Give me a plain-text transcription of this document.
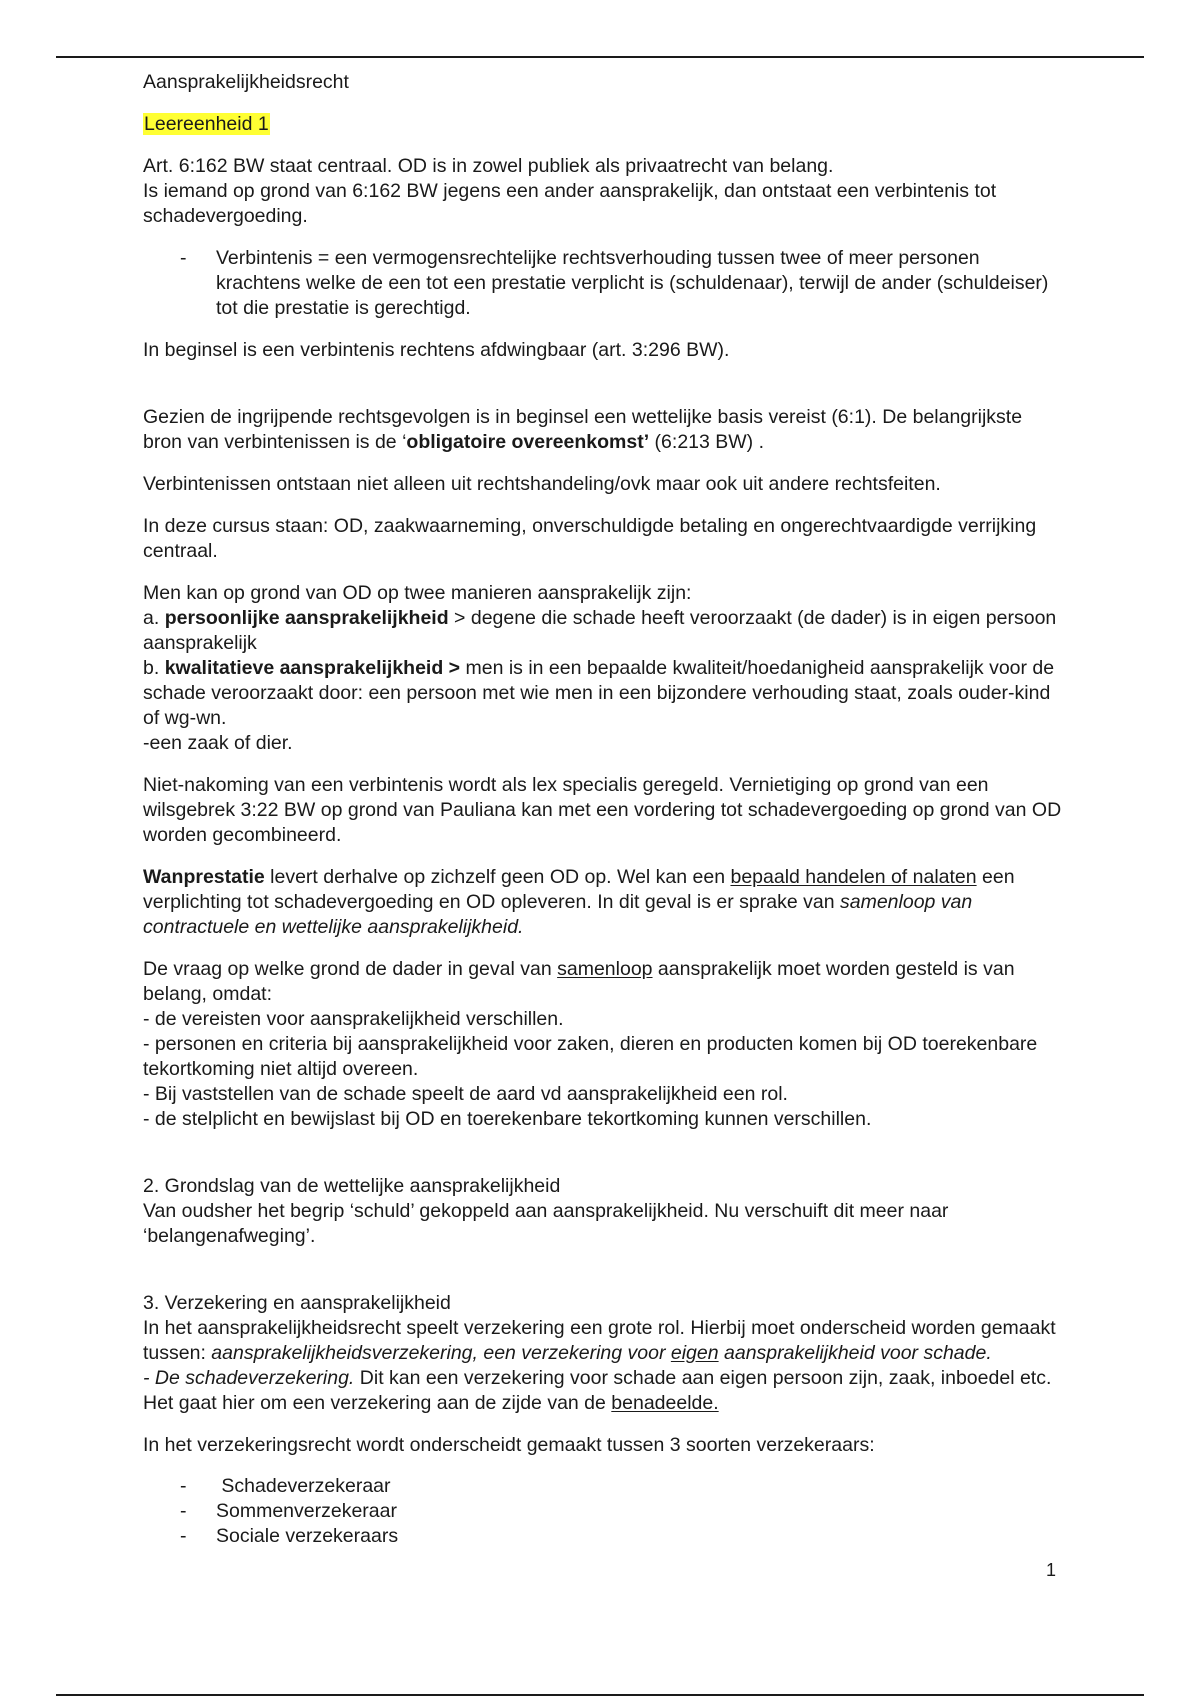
Aansprakelijkheidsrecht

Leereenheid 1

Art. 6:162 BW staat centraal. OD is in zowel publiek als privaatrecht van belang.
Is iemand op grond van 6:162 BW jegens een ander aansprakelijk, dan ontstaat een verbintenis tot schadevergoeding.

- Verbintenis = een vermogensrechtelijke rechtsverhouding tussen twee of meer personen krachtens welke de een tot een prestatie verplicht is (schuldenaar), terwijl de ander (schuldeiser) tot die prestatie is gerechtigd.

In beginsel is een verbintenis rechtens afdwingbaar (art. 3:296 BW).

Gezien de ingrijpende rechtsgevolgen is in beginsel een wettelijke basis vereist (6:1). De belangrijkste bron van verbintenissen is de ‘obligatoire overeenkomst’ (6:213 BW) .

Verbintenissen ontstaan niet alleen uit rechtshandeling/ovk maar ook uit andere rechtsfeiten.

In deze cursus staan: OD, zaakwaarneming, onverschuldigde betaling en ongerechtvaardigde verrijking centraal.

Men kan op grond van OD op twee manieren aansprakelijk zijn:
a. persoonlijke aansprakelijkheid > degene die schade heeft veroorzaakt (de dader) is in eigen persoon aansprakelijk
b. kwalitatieve aansprakelijkheid > men is in een bepaalde kwaliteit/hoedanigheid aansprakelijk voor de schade veroorzaakt door: een persoon met wie men in een bijzondere verhouding staat, zoals ouder-kind of wg-wn.
-een zaak of dier.

Niet-nakoming van een verbintenis wordt als lex specialis geregeld. Vernietiging op grond van een wilsgebrek 3:22 BW op grond van Pauliana kan met een vordering tot schadevergoeding op grond van OD worden gecombineerd.

Wanprestatie levert derhalve op zichzelf geen OD op. Wel kan een bepaald handelen of nalaten een verplichting tot schadevergoeding en OD opleveren. In dit geval is er sprake van samenloop van contractuele en wettelijke aansprakelijkheid.

De vraag op welke grond de dader in geval van samenloop aansprakelijk moet worden gesteld is van belang, omdat:
- de vereisten voor aansprakelijkheid verschillen.
- personen en criteria bij aansprakelijkheid voor zaken, dieren en producten komen bij OD toerekenbare tekortkoming niet altijd overeen.
- Bij vaststellen van de schade speelt de aard vd aansprakelijkheid een rol.
- de stelplicht en bewijslast bij OD en toerekenbare tekortkoming kunnen verschillen.

2. Grondslag van de wettelijke aansprakelijkheid
Van oudsher het begrip ‘schuld’ gekoppeld aan aansprakelijkheid. Nu verschuift dit meer naar ‘belangenafweging’.

3. Verzekering en aansprakelijkheid
In het aansprakelijkheidsrecht speelt verzekering een grote rol. Hierbij moet onderscheid worden gemaakt tussen: aansprakelijkheidsverzekering, een verzekering voor eigen aansprakelijkheid voor schade.
- De schadeverzekering. Dit kan een verzekering voor schade aan eigen persoon zijn, zaak, inboedel etc. Het gaat hier om een verzekering aan de zijde van de benadeelde.

In het verzekeringsrecht wordt onderscheidt gemaakt tussen 3 soorten verzekeraars:

- Schadeverzekeraar
- Sommenverzekeraar
- Sociale verzekeraars
1
